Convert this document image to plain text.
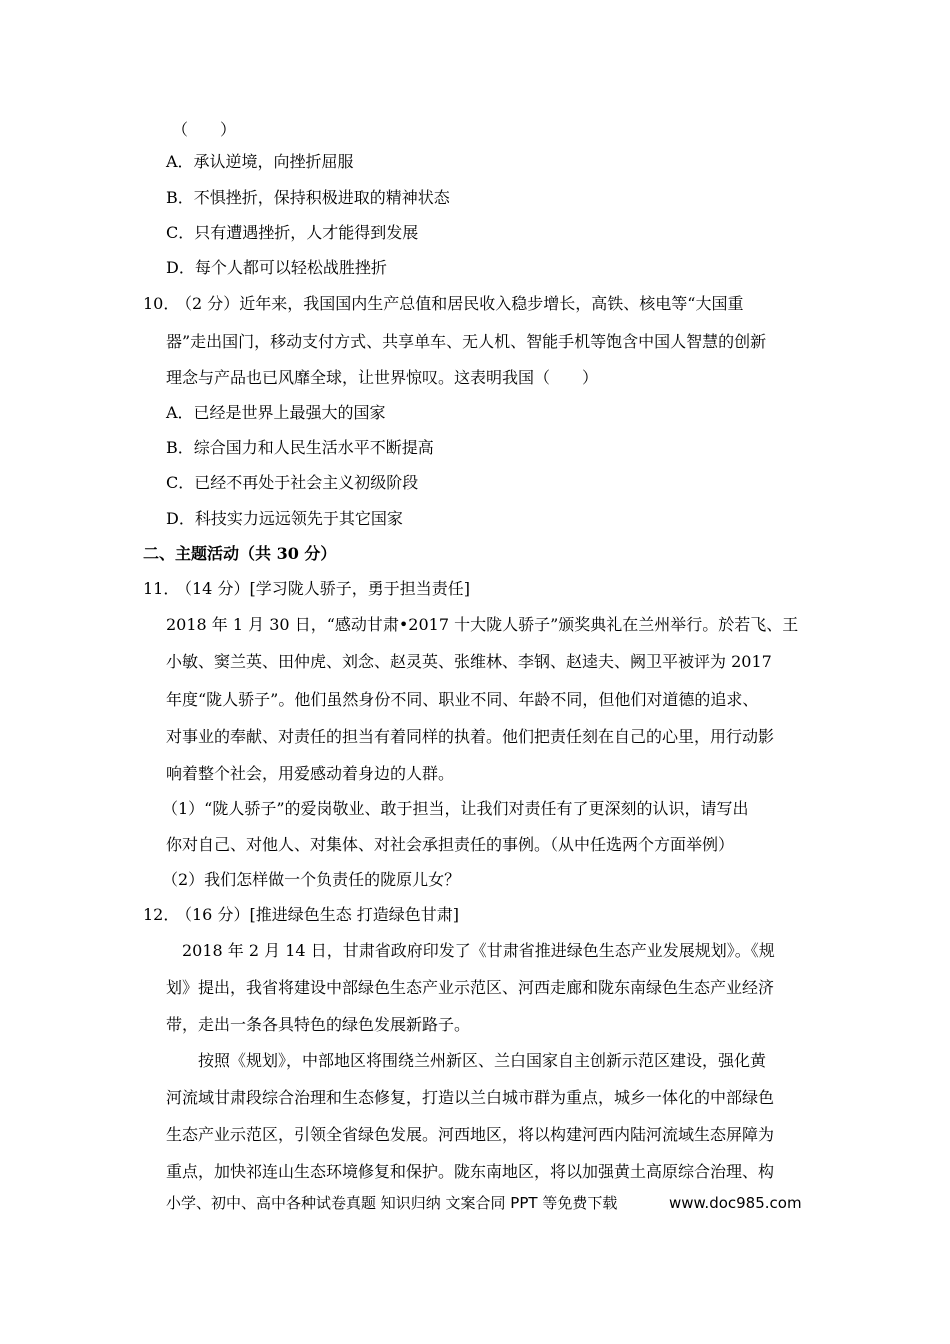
（　　）
A．承认逆境，向挫折屈服
B．不惧挫折，保持积极进取的精神状态
C．只有遭遇挫折，人才能得到发展
D．每个人都可以轻松战胜挫折
10．
（2 分）近年来，我国国内生产总值和居民收入稳步增长，高铁、核电等“大国重
器”走出国门，移动支付方式、共享单车、无人机、智能手机等饱含中国人智慧的创新
理念与产品也已风靡全球，让世界惊叹。这表明我国（　　）
A．已经是世界上最强大的国家
B．综合国力和人民生活水平不断提高
C．已经不再处于社会主义初级阶段
D．科技实力远远领先于其它国家
二、主题活动（共 30 分）
11．
（14 分）[学习陇人骄子，勇于担当责任]
2018 年 1 月 30 日，“感动甘肃•2017 十大陇人骄子”颁奖典礼在兰州举行。於若飞、王
小敏、窦兰英、田仲虎、刘念、赵灵英、张维林、李钢、赵逵夫、阙卫平被评为 2017
年度“陇人骄子”。他们虽然身份不同、职业不同、年龄不同，但他们对道德的追求、
对事业的奉献、对责任的担当有着同样的执着。他们把责任刻在自己的心里，用行动影
响着整个社会，用爱感动着身边的人群。
（1）“陇人骄子”的爱岗敬业、敢于担当，让我们对责任有了更深刻的认识，请写出
你对自己、对他人、对集体、对社会承担责任的事例。（从中任选两个方面举例）
（2）我们怎样做一个负责任的陇原儿女？
12．
（16 分）[推进绿色生态 打造绿色甘肃]
2018 年 2 月 14 日，甘肃省政府印发了《甘肃省推进绿色生态产业发展规划》。《规
划》提出，我省将建设中部绿色生态产业示范区、河西走廊和陇东南绿色生态产业经济
带，走出一条各具特色的绿色发展新路子。
按照《规划》，中部地区将围绕兰州新区、兰白国家自主创新示范区建设，强化黄
河流域甘肃段综合治理和生态修复，打造以兰白城市群为重点，城乡一体化的中部绿色
生态产业示范区，引领全省绿色发展。河西地区，将以构建河西内陆河流域生态屏障为
重点，加快祁连山生态环境修复和保护。陇东南地区，将以加强黄土高原综合治理、构
小学、初中、高中各种试卷真题 知识归纳 文案合同 PPT 等免费下载	www.doc985.com
